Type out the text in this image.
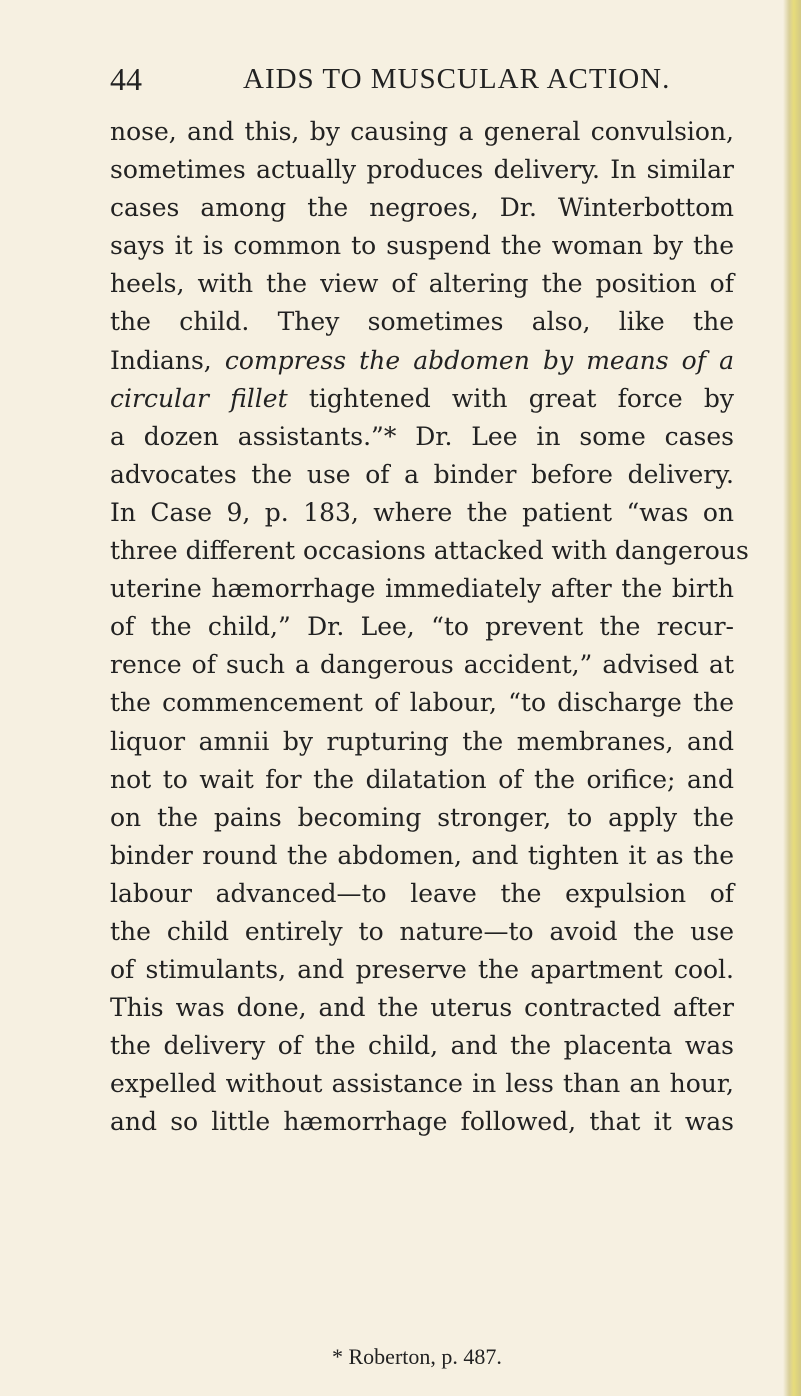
44	AIDS TO MUSCULAR ACTION.
nose, and this, by causing a general convulsion,
sometimes actually produces delivery. In similar
cases among the negroes, Dr. Winterbottom
says it is common to suspend the woman by the
heels, with the view of altering the position of
the child. They sometimes also, like the
Indians, compress the abdomen by means of a
circular fillet tightened with great force by
a dozen assistants.”* Dr. Lee in some cases
advocates the use of a binder before delivery.
In Case 9, p. 183, where the patient “was on
three different occasions attacked with dangerous
uterine hæmorrhage immediately after the birth
of the child,” Dr. Lee, “to prevent the recur-
rence of such a dangerous accident,” advised at
the commencement of labour, “to discharge the
liquor amnii by rupturing the membranes, and
not to wait for the dilatation of the orifice; and
on the pains becoming stronger, to apply the
binder round the abdomen, and tighten it as the
labour advanced—to leave the expulsion of
the child entirely to nature—to avoid the use
of stimulants, and preserve the apartment cool.
This was done, and the uterus contracted after
the delivery of the child, and the placenta was
expelled without assistance in less than an hour,
and so little hæmorrhage followed, that it was
* Roberton, p. 487.
